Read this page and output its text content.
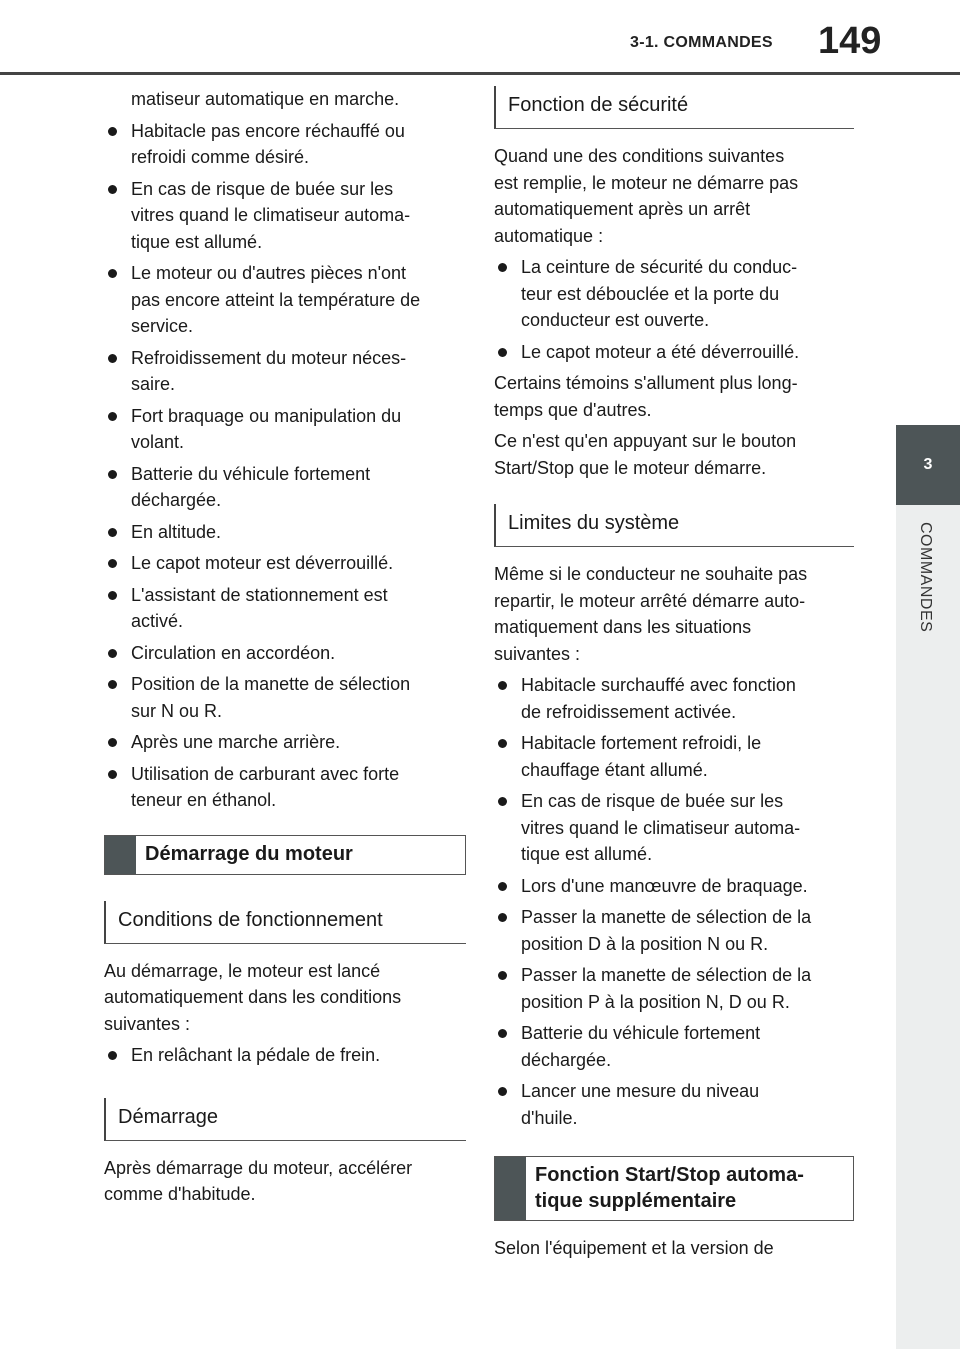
3-1. COMMANDES 149
3
COMMANDES
matiseur automatique en marche.
Habitacle pas encore réchauffé ou
refroidi comme désiré.
En cas de risque de buée sur les
vitres quand le climatiseur automa-
tique est allumé.
Le moteur ou d'autres pièces n'ont
pas encore atteint la température de
service.
Refroidissement du moteur néces-
saire.
Fort braquage ou manipulation du
volant.
Batterie du véhicule fortement
déchargée.
En altitude.
Le capot moteur est déverrouillé.
L'assistant de stationnement est
activé.
Circulation en accordéon.
Position de la manette de sélection
sur N ou R.
Après une marche arrière.
Utilisation de carburant avec forte
teneur en éthanol.
Démarrage du moteur
Conditions de fonctionnement
Au démarrage, le moteur est lancé
automatiquement dans les conditions
suivantes :
En relâchant la pédale de frein.
Démarrage
Après démarrage du moteur, accélérer
comme d'habitude.
Fonction de sécurité
Quand une des conditions suivantes
est remplie, le moteur ne démarre pas
automatiquement après un arrêt
automatique :
La ceinture de sécurité du conduc-
teur est débouclée et la porte du
conducteur est ouverte.
Le capot moteur a été déverrouillé.
Certains témoins s'allument plus long-
temps que d'autres.
Ce n'est qu'en appuyant sur le bouton
Start/Stop que le moteur démarre.
Limites du système
Même si le conducteur ne souhaite pas
repartir, le moteur arrêté démarre auto-
matiquement dans les situations
suivantes :
Habitacle surchauffé avec fonction
de refroidissement activée.
Habitacle fortement refroidi, le
chauffage étant allumé.
En cas de risque de buée sur les
vitres quand le climatiseur automa-
tique est allumé.
Lors d'une manœuvre de braquage.
Passer la manette de sélection de la
position D à la position N ou R.
Passer la manette de sélection de la
position P à la position N, D ou R.
Batterie du véhicule fortement
déchargée.
Lancer une mesure du niveau
d'huile.
Fonction Start/Stop automa-
tique supplémentaire
Selon l'équipement et la version de
